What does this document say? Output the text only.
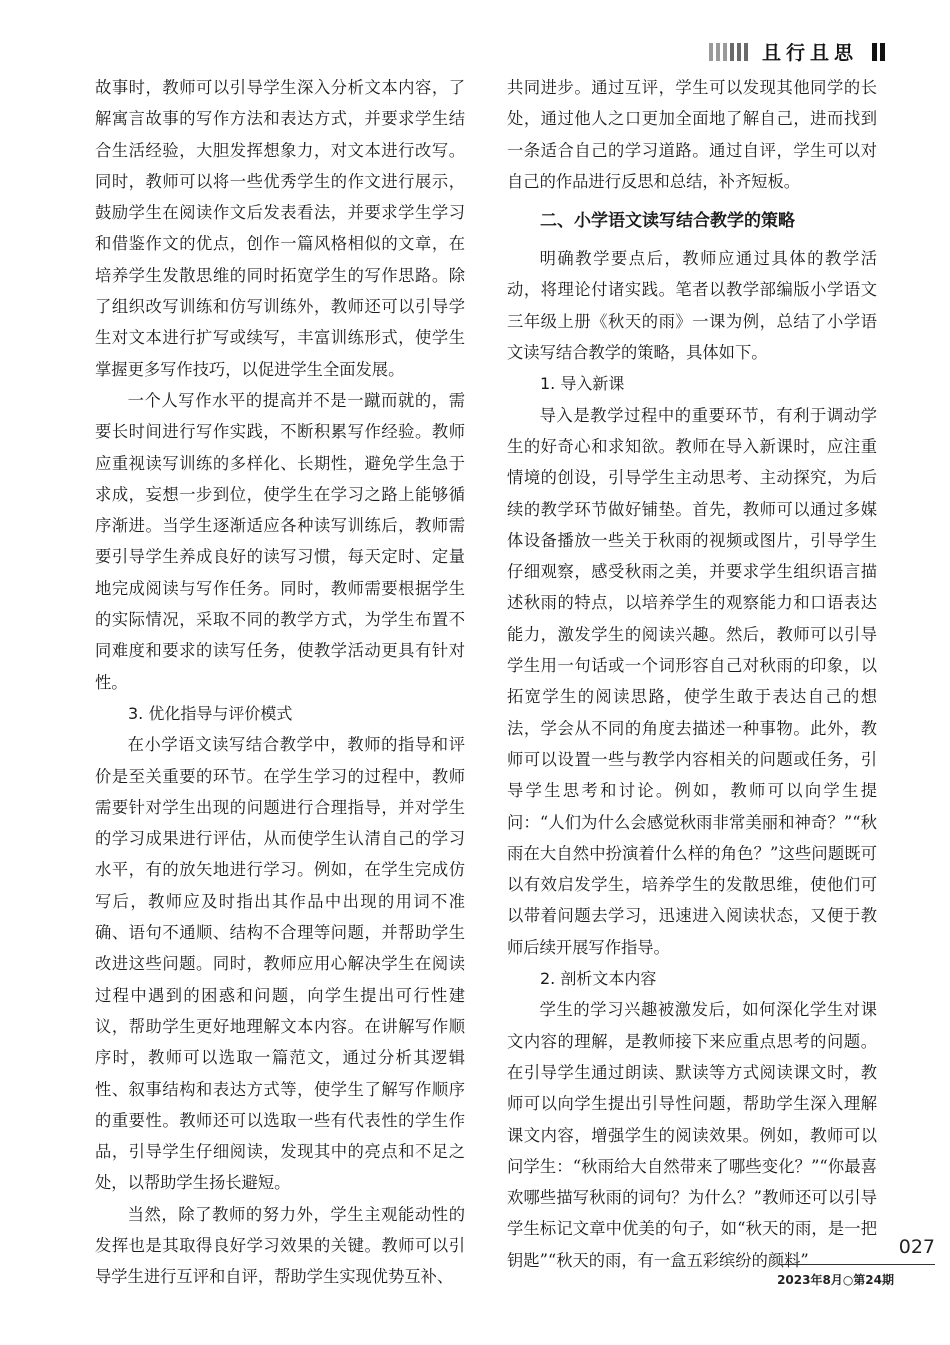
且行且思

故事时，教师可以引导学生深入分析文本内容，了解寓言故事的写作方法和表达方式，并要求学生结合生活经验，大胆发挥想象力，对文本进行改写。同时，教师可以将一些优秀学生的作文进行展示，鼓励学生在阅读作文后发表看法，并要求学生学习和借鉴作文的优点，创作一篇风格相似的文章，在培养学生发散思维的同时拓宽学生的写作思路。除了组织改写训练和仿写训练外，教师还可以引导学生对文本进行扩写或续写，丰富训练形式，使学生掌握更多写作技巧，以促进学生全面发展。

一个人写作水平的提高并不是一蹴而就的，需要长时间进行写作实践，不断积累写作经验。教师应重视读写训练的多样化、长期性，避免学生急于求成，妄想一步到位，使学生在学习之路上能够循序渐进。当学生逐渐适应各种读写训练后，教师需要引导学生养成良好的读写习惯，每天定时、定量地完成阅读与写作任务。同时，教师需要根据学生的实际情况，采取不同的教学方式，为学生布置不同难度和要求的读写任务，使教学活动更具有针对性。

3. 优化指导与评价模式

在小学语文读写结合教学中，教师的指导和评价是至关重要的环节。在学生学习的过程中，教师需要针对学生出现的问题进行合理指导，并对学生的学习成果进行评估，从而使学生认清自己的学习水平，有的放矢地进行学习。例如，在学生完成仿写后，教师应及时指出其作品中出现的用词不准确、语句不通顺、结构不合理等问题，并帮助学生改进这些问题。同时，教师应用心解决学生在阅读过程中遇到的困惑和问题，向学生提出可行性建议，帮助学生更好地理解文本内容。在讲解写作顺序时，教师可以选取一篇范文，通过分析其逻辑性、叙事结构和表达方式等，使学生了解写作顺序的重要性。教师还可以选取一些有代表性的学生作品，引导学生仔细阅读，发现其中的亮点和不足之处，以帮助学生扬长避短。

当然，除了教师的努力外，学生主观能动性的发挥也是其取得良好学习效果的关键。教师可以引导学生进行互评和自评，帮助学生实现优势互补、

共同进步。通过互评，学生可以发现其他同学的长处，通过他人之口更加全面地了解自己，进而找到一条适合自己的学习道路。通过自评，学生可以对自己的作品进行反思和总结，补齐短板。

二、小学语文读写结合教学的策略

明确教学要点后，教师应通过具体的教学活动，将理论付诸实践。笔者以教学部编版小学语文三年级上册《秋天的雨》一课为例，总结了小学语文读写结合教学的策略，具体如下。

1. 导入新课

导入是教学过程中的重要环节，有利于调动学生的好奇心和求知欲。教师在导入新课时，应注重情境的创设，引导学生主动思考、主动探究，为后续的教学环节做好铺垫。首先，教师可以通过多媒体设备播放一些关于秋雨的视频或图片，引导学生仔细观察，感受秋雨之美，并要求学生组织语言描述秋雨的特点，以培养学生的观察能力和口语表达能力，激发学生的阅读兴趣。然后，教师可以引导学生用一句话或一个词形容自己对秋雨的印象，以拓宽学生的阅读思路，使学生敢于表达自己的想法，学会从不同的角度去描述一种事物。此外，教师可以设置一些与教学内容相关的问题或任务，引导学生思考和讨论。例如，教师可以向学生提问：“人们为什么会感觉秋雨非常美丽和神奇？”“秋雨在大自然中扮演着什么样的角色？”这些问题既可以有效启发学生，培养学生的发散思维，使他们可以带着问题去学习，迅速进入阅读状态，又便于教师后续开展写作指导。

2. 剖析文本内容

学生的学习兴趣被激发后，如何深化学生对课文内容的理解，是教师接下来应重点思考的问题。在引导学生通过朗读、默读等方式阅读课文时，教师可以向学生提出引导性问题，帮助学生深入理解课文内容，增强学生的阅读效果。例如，教师可以问学生：“秋雨给大自然带来了哪些变化？”“你最喜欢哪些描写秋雨的词句？为什么？”教师还可以引导学生标记文章中优美的句子，如“秋天的雨，是一把钥匙”“秋天的雨，有一盒五彩缤纷的颜料”

027
2023年8月○第24期
